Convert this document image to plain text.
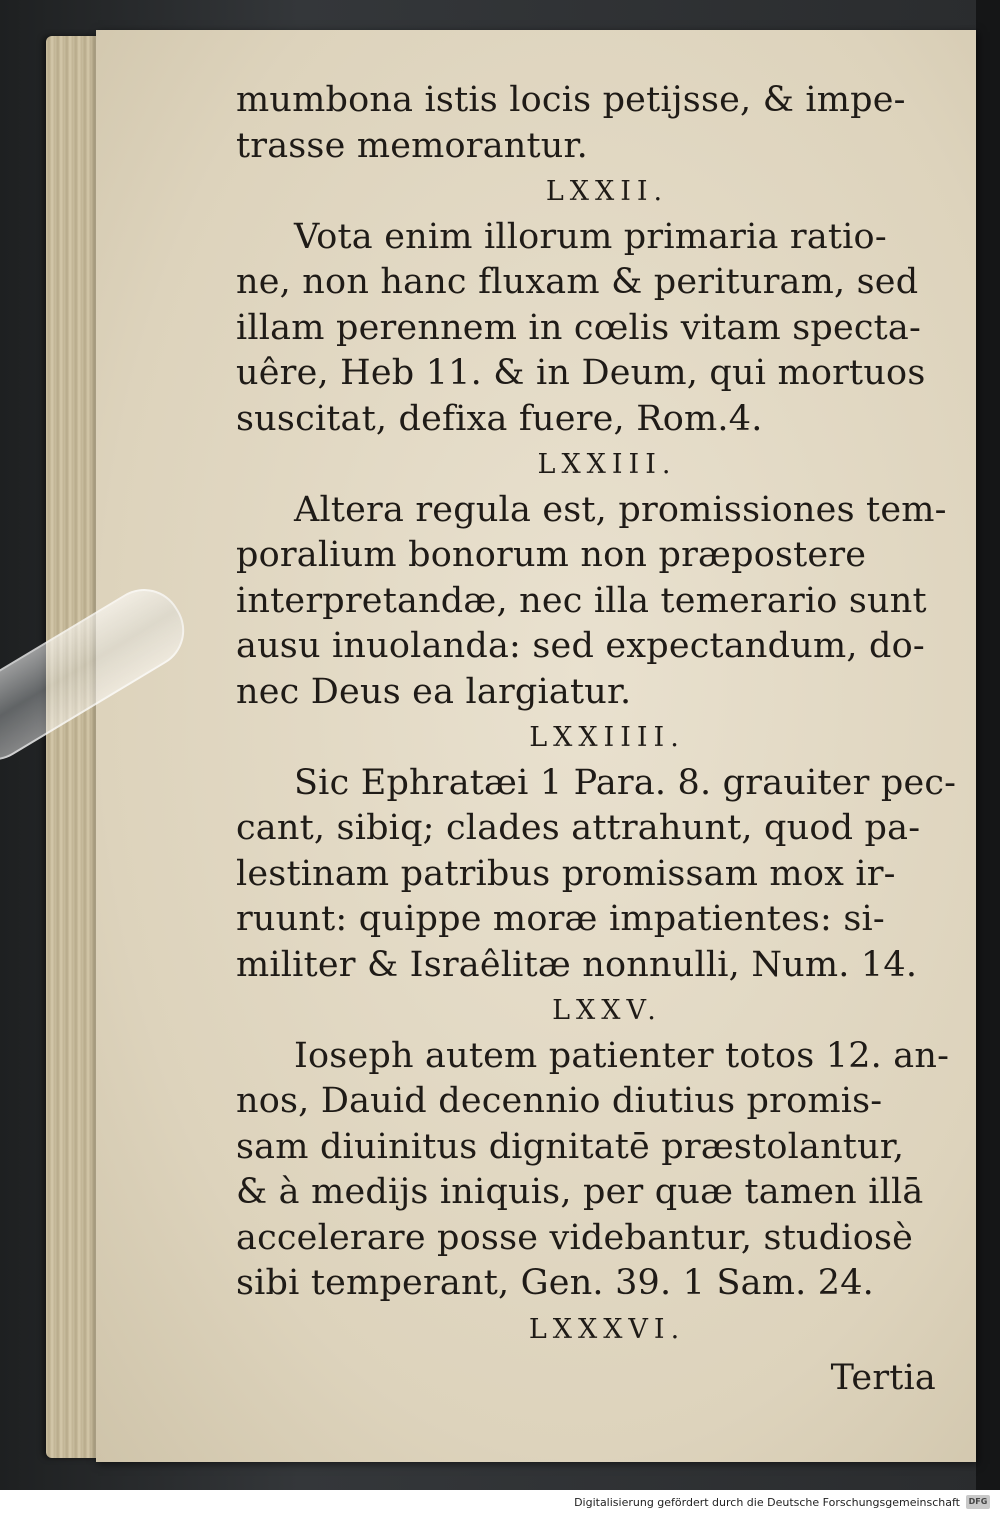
mumbona istis locis petijsse, & impe-
trasse memorantur.
LXXII.
Vota enim illorum primaria ratio-
ne, non hanc fluxam & perituram, sed
illam perennem in cœlis vitam specta-
uêre, Heb 11. & in Deum, qui mortuos
suscitat, defixa fuere, Rom.4.
LXXIII.
Altera regula est, promissiones tem-
poralium bonorum non præpostere
interpretandæ, nec illa temerario sunt
ausu inuolanda: sed expectandum, do-
nec Deus ea largiatur.
LXXIIII.
Sic Ephratæi 1 Para. 8. grauiter pec-
cant, sibiq; clades attrahunt, quod pa-
lestinam patribus promissam mox ir-
ruunt: quippe moræ impatientes: si-
militer & Israêlitæ nonnulli, Num. 14.
LXXV.
Ioseph autem patienter totos 12. an-
nos, Dauid decennio diutius promis-
sam diuinitus dignitatē præstolantur,
& à medijs iniquis, per quæ tamen illā
accelerare posse videbantur, studiosè
sibi temperant, Gen. 39. 1 Sam. 24.
LXXXVI.
Tertia
Digitalisierung gefördert durch die Deutsche Forschungsgemeinschaft	DFG
